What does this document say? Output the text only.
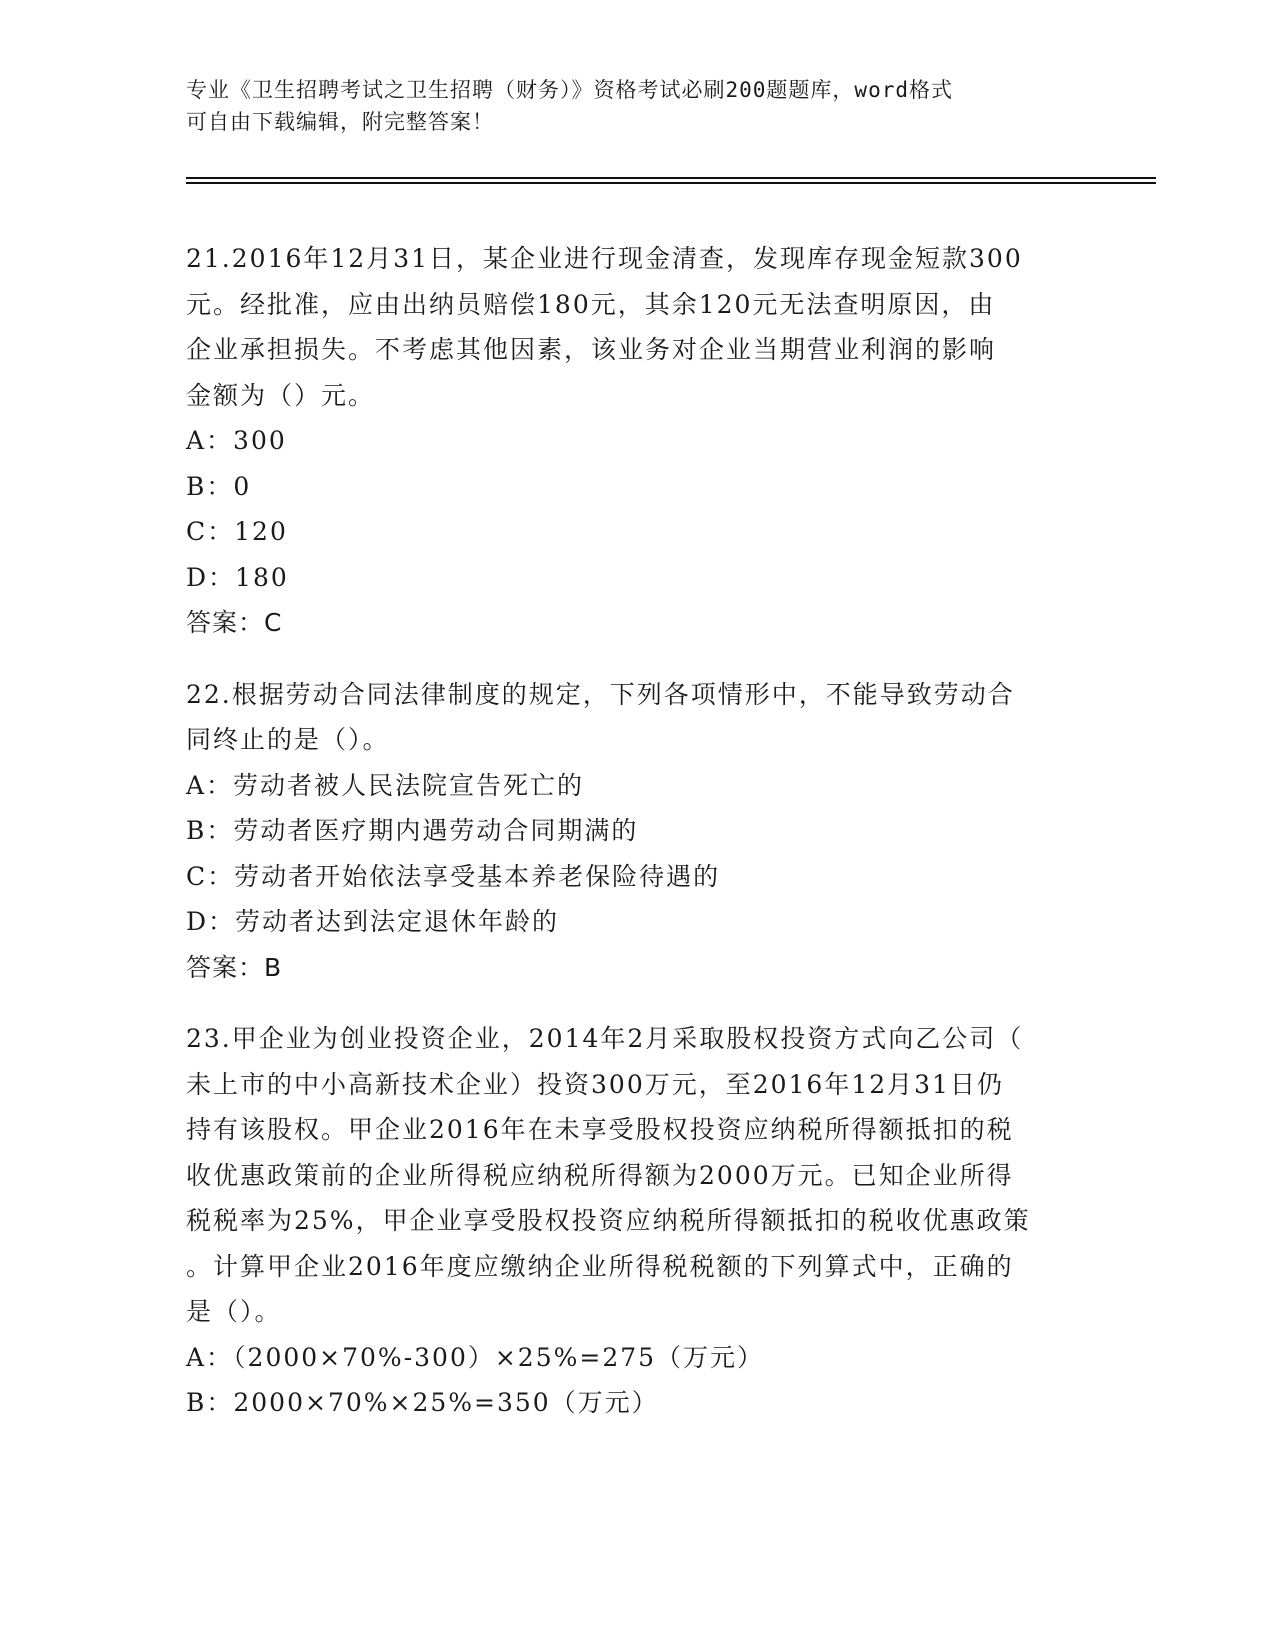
专业《卫生招聘考试之卫生招聘（财务）》资格考试必刷200题题库，word格式
可自由下载编辑，附完整答案！
21.2016年12月31日，某企业进行现金清查，发现库存现金短款300
元。经批准，应由出纳员赔偿180元，其余120元无法查明原因，由
企业承担损失。不考虑其他因素，该业务对企业当期营业利润的影响
金额为（）元。
A：300
B：0
C：120
D：180
答案：C
22.根据劳动合同法律制度的规定，下列各项情形中，不能导致劳动合
同终止的是（）。
A：劳动者被人民法院宣告死亡的
B：劳动者医疗期内遇劳动合同期满的
C：劳动者开始依法享受基本养老保险待遇的
D：劳动者达到法定退休年龄的
答案：B
23.甲企业为创业投资企业，2014年2月采取股权投资方式向乙公司（
未上市的中小高新技术企业）投资300万元，至2016年12月31日仍
持有该股权。甲企业2016年在未享受股权投资应纳税所得额抵扣的税
收优惠政策前的企业所得税应纳税所得额为2000万元。已知企业所得
税税率为25%，甲企业享受股权投资应纳税所得额抵扣的税收优惠政策
。计算甲企业2016年度应缴纳企业所得税税额的下列算式中，正确的
是（）。
A：（2000×70%-300）×25%=275（万元）
B：2000×70%×25%=350（万元）
